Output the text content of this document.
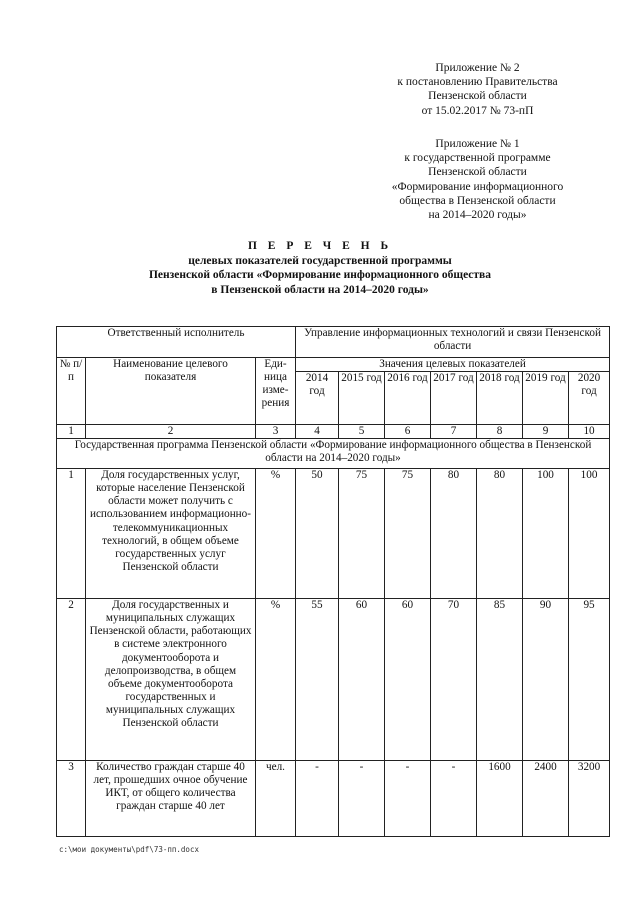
Приложение № 2
к постановлению Правительства
Пензенской области
от 15.02.2017 № 73-пП
Приложение № 1
к государственной программе
Пензенской области
«Формирование информационного
общества в Пензенской области
на 2014–2020 годы»
П Е Р Е Ч Е Н Ь
целевых показателей государственной программы
Пензенской области «Формирование информационного общества
в Пензенской области на 2014–2020 годы»
Ответственный исполнитель			Управление информационных технологий и связи Пензенской области						
№ п/п	Наименование целевого показателя	Еди-ница изме-рения	Значения целевых показателей						
			2014 год	2015 год	2016 год	2017 год	2018 год	2019 год	2020 год
1	2	3	4	5	6	7	8	9	10
Государственная программа Пензенской области «Формирование информационного общества в Пензенской области на 2014–2020 годы»									
1	Доля государственных услуг, которые население Пензенской области может получить с использованием информационно-телекоммуникационных технологий, в общем объеме государственных услуг Пензенской области	%	50	75	75	80	80	100	100
2	Доля государственных и муниципальных служащих Пензенской области, работающих в системе электронного документооборота и делопроизводства, в общем объеме документооборота государственных и муниципальных служащих Пензенской области	%	55	60	60	70	85	90	95
3	Количество граждан старше 40 лет, прошедших очное обучение ИКТ, от общего количества граждан старше 40 лет	чел.	-	-	-	-	1600	2400	3200
c:\мои документы\pdf\73-пп.docx
